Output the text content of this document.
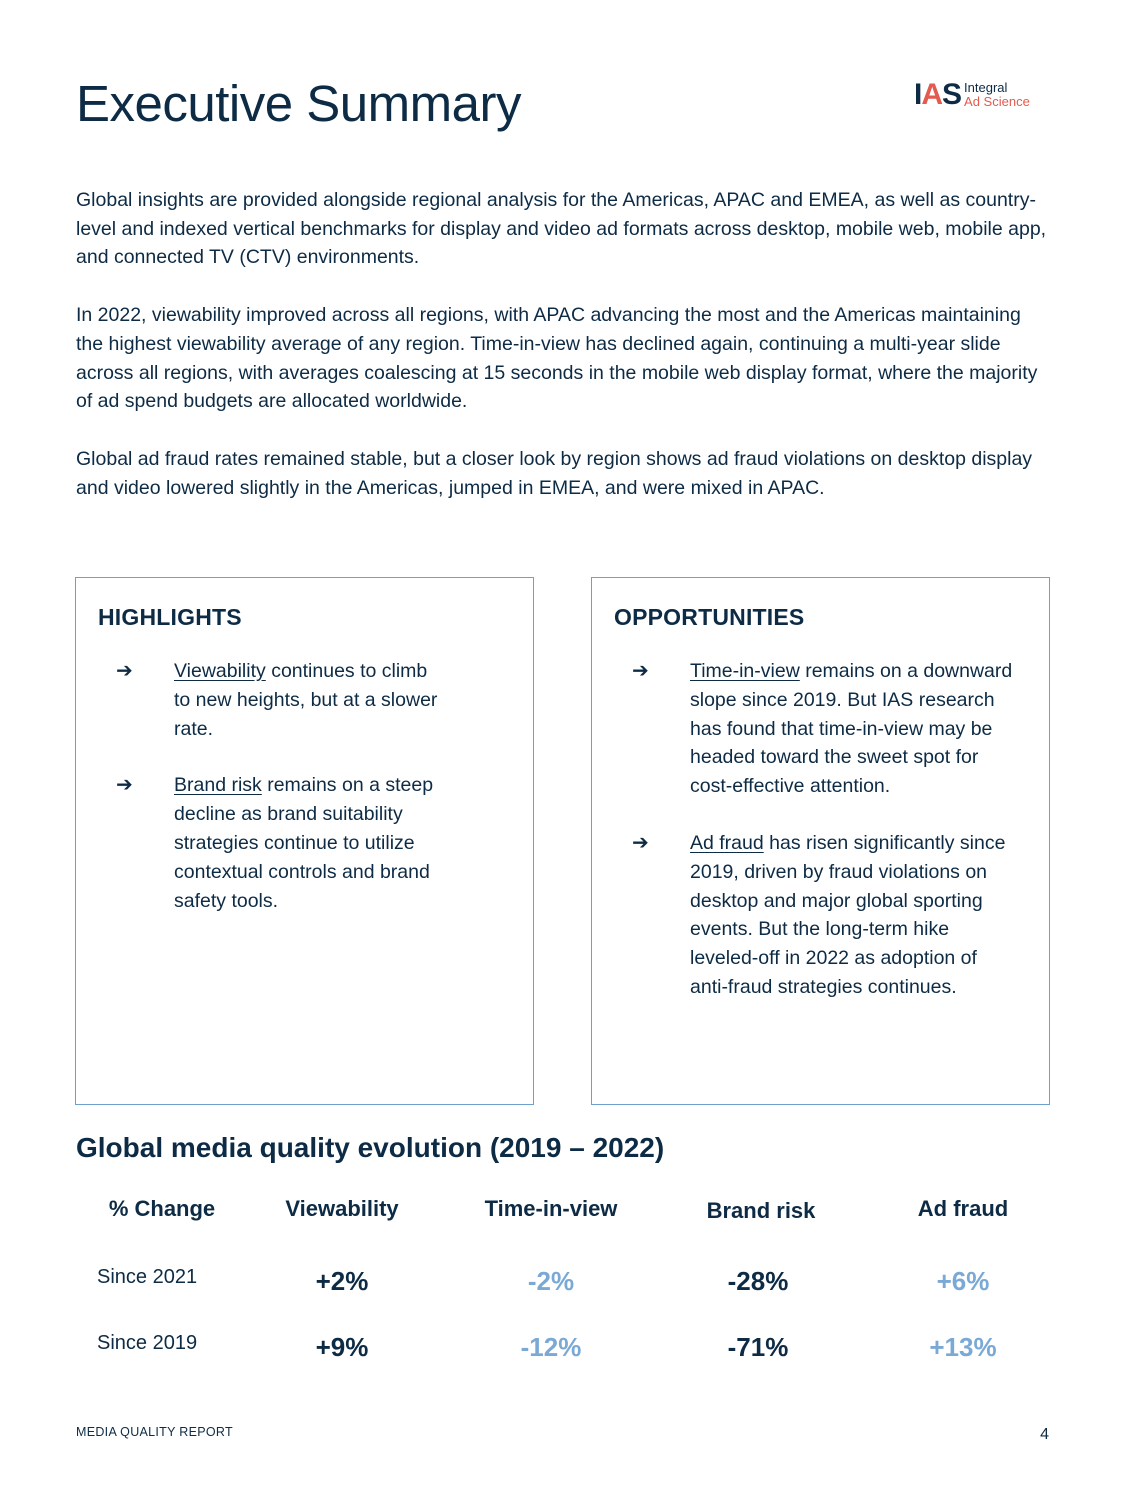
Executive Summary	IAS Integral
Ad Science

Global insights are provided alongside regional analysis for the Americas, APAC and EMEA, as well as country-level and indexed vertical benchmarks for display and video ad formats across desktop, mobile web, mobile app, and connected TV (CTV) environments.

In 2022, viewability improved across all regions, with APAC advancing the most and the Americas maintaining the highest viewability average of any region. Time-in-view has declined again, continuing a multi-year slide across all regions, with averages coalescing at 15 seconds in the mobile web display format, where the majority of ad spend budgets are allocated worldwide.

Global ad fraud rates remained stable, but a closer look by region shows ad fraud violations on desktop display and video lowered slightly in the Americas, jumped in EMEA, and were mixed in APAC.

HIGHLIGHTS
➔ Viewability continues to climb to new heights, but at a slower rate.
➔ Brand risk remains on a steep decline as brand suitability strategies continue to utilize contextual controls and brand safety tools.
OPPORTUNITIES
➔ Time-in-view remains on a downward slope since 2019. But IAS research has found that time-in-view may be headed toward the sweet spot for cost-effective attention.
➔ Ad fraud has risen significantly since 2019, driven by fraud violations on desktop and major global sporting events. But the long-term hike leveled-off in 2022 as adoption of anti-fraud strategies continues.
Global media quality evolution (2019 – 2022)
% Change	Viewability	Time-in-view	Brand risk	Ad fraud
Since 2021	+2%	-2%	-28%	+6%
Since 2019	+9%	-12%	-71%	+13%
MEDIA QUALITY REPORT	4
